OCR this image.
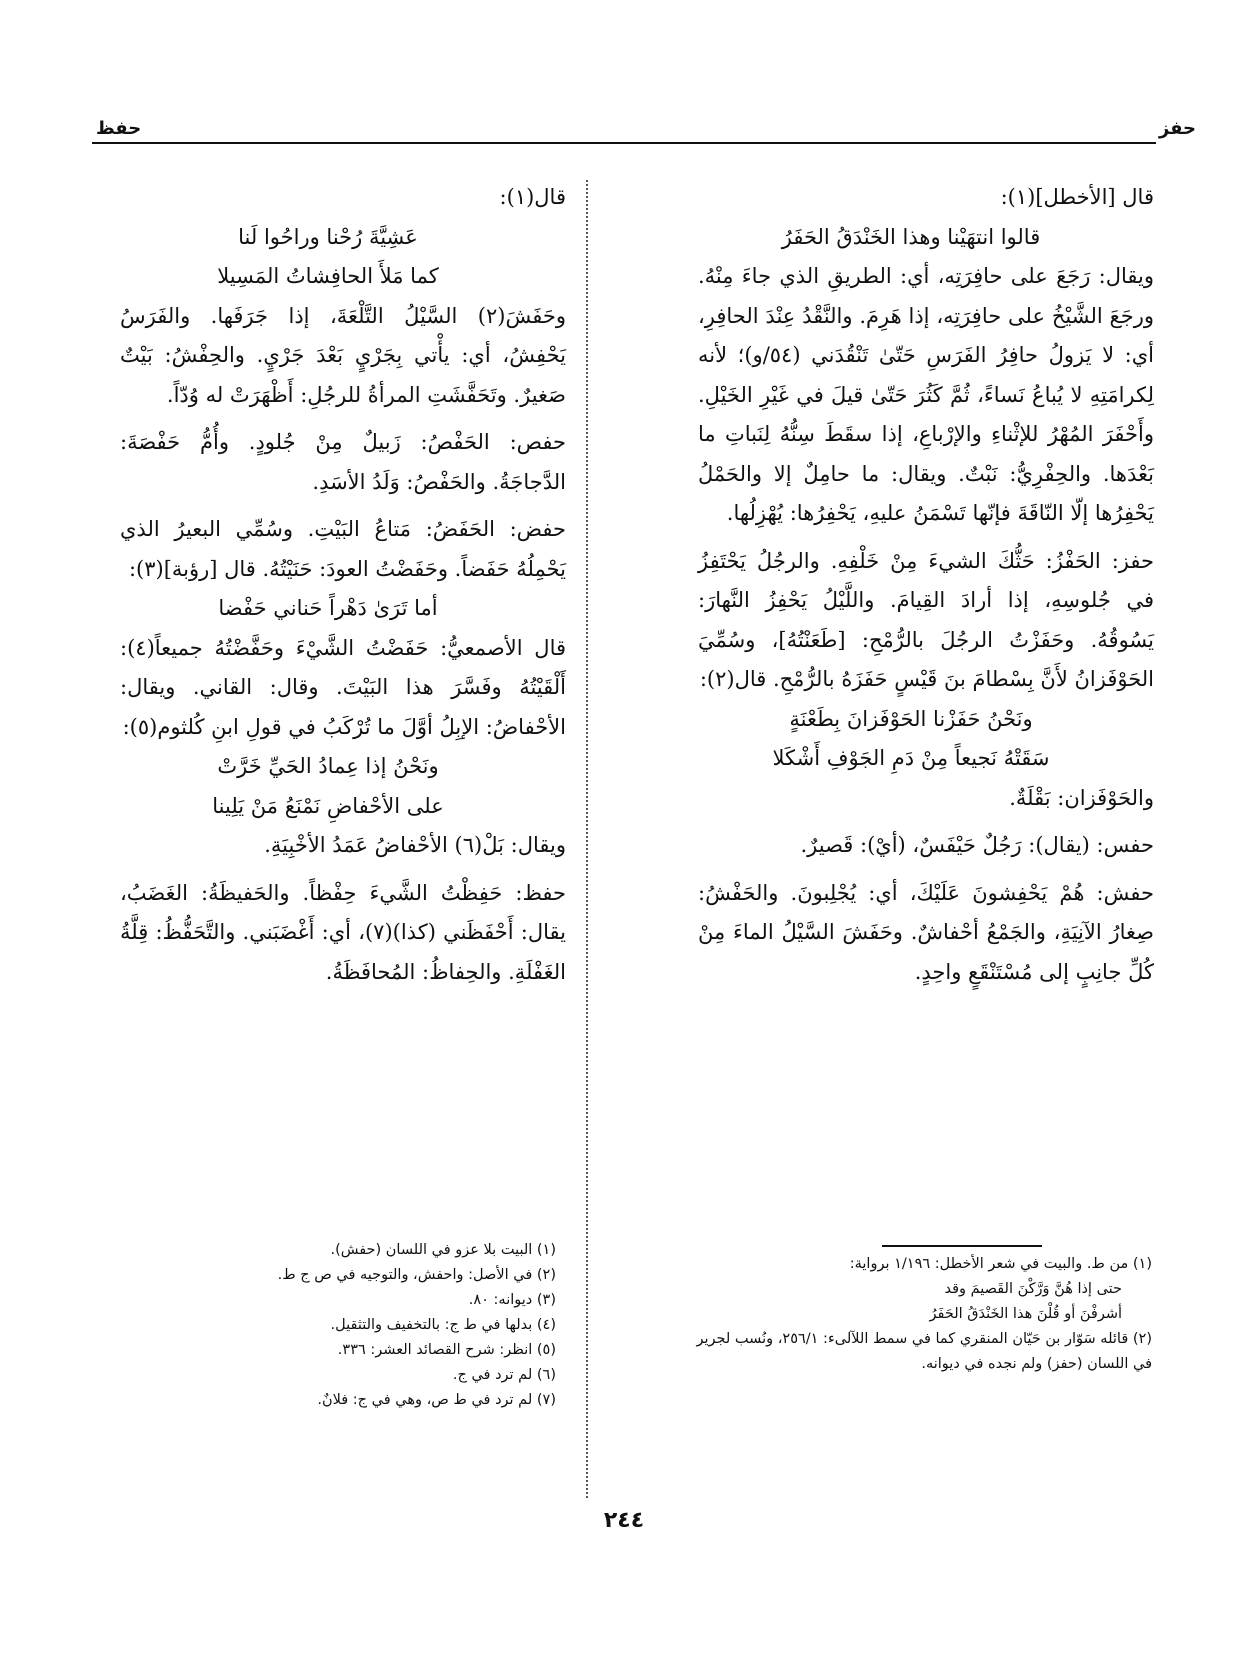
حفز
حفظ

قال [الأخطل](١):

قالوا انتهَيْنا وهذا الخَنْدَقُ الحَفَرُ

ويقال: رَجَعَ على حافِرَتِه، أي: الطريقِ الذي جاءَ مِنْهُ. ورجَعَ الشَّيْخُ على حافِرَتِه، إذا هَرِمَ. والنَّقْدُ عِنْدَ الحافِرِ، أي: لا يَزولُ حافِرُ الفَرَسِ حَتّىٰ تَنْقُدَني (٥٤/و)؛ لأنه لِكرامَتِهِ لا يُباعُ نَساءً، ثُمَّ كَثُرَ حَتّىٰ قيلَ في غَيْرِ الخَيْلِ. وأَحْفَرَ المُهْرُ للإثْناءِ والإرْباعِ، إذا سقَطَ سِنُّهُ لِنَباتِ ما بَعْدَها. والحِفْرِيُّ: نَبْتٌ. ويقال: ما حامِلٌ إلا والحَمْلُ يَحْفِرُها إلّا النّاقَةَ فإنّها تَسْمَنُ عليهِ، يَحْفِرُها: يُهْزِلُها.

حفز: الحَفْزُ: حَثُّكَ الشيءَ مِنْ خَلْفِهِ. والرجُلُ يَحْتَفِزُ في جُلوسِهِ، إذا أرادَ القِيامَ. واللَّيْلُ يَحْفِزُ النَّهارَ: يَسُوقُهُ. وحَفَزْتُ الرجُلَ بالرُّمْحِ: [طَعَنْتُهُ]، وسُمِّيَ الحَوْفَزانُ لأَنَّ بِسْطامَ بنَ قَيْسٍ حَفَزَهُ بالرُّمْحِ. قال(٢):

ونَحْنُ حَفَزْنا الحَوْفَزانَ بِطَعْنَةٍ

سَقَتْهُ نَجيعاً مِنْ دَمِ الجَوْفِ أَشْكَلا

والحَوْفَزان: بَقْلَةٌ.

حفس: (يقال): رَجُلٌ حَيْفَسٌ، (أيْ): قَصيرٌ.

حفش: هُمْ يَحْفِشونَ عَلَيْكَ، أي: يُجْلِبونَ. والحَفْشُ: صِغارُ الآنِيَةِ، والجَمْعُ أحْفاشٌ. وحَفَشَ السَّيْلُ الماءَ مِنْ كُلِّ جانِبٍ إلى مُسْتَنْقَعٍ واحِدٍ.

قال(١):

عَشِيَّةَ رُحْنا وراحُوا لَنا

كما مَلأَ الحافِشاتُ المَسِيلا

وحَفَشَ(٢) السَّيْلُ التَّلْعَةَ، إذا جَرَفَها. والفَرَسُ يَحْفِشُ، أي: يأْتي بِجَرْيٍ بَعْدَ جَرْيٍ. والحِفْشُ: بَيْتٌ صَغيرٌ. وتَحَفَّشَتِ المرأةُ للرجُلِ: أَظْهَرَتْ له وُدّاً.

حفص: الحَفْصُ: زَبيلٌ مِنْ جُلودٍ. وأُمُّ حَفْصَةَ: الدَّجاجَةُ. والحَفْصُ: وَلَدُ الأسَدِ.

حفض: الحَفَضُ: مَتاعُ البَيْتِ. وسُمِّي البعيرُ الذي يَحْمِلُهُ حَفَضاً. وحَفَضْتُ العودَ: حَنَيْتُهُ. قال [رؤبة](٣):

أما تَرَىٰ دَهْراً حَناني حَفْضا

قال الأصمعيُّ: حَفَضْتُ الشَّيْءَ وحَفَّضْتُهُ جميعاً(٤): أَلْقَيْتُهُ وفَسَّرَ هذا البَيْتَ. وقال: القاني. ويقال: الأحْفاضُ: الإبِلُ أوَّلَ ما تُرْكَبُ في قولِ ابنِ كُلثوم(٥):

ونَحْنُ إذا عِمادُ الحَيِّ خَرَّتْ

على الأحْفاضِ نَمْنَعُ مَنْ يَلِينا

ويقال: بَلْ(٦) الأحْفاضُ عَمَدُ الأخْبِيَةِ.

حفظ: حَفِظْتُ الشَّيءَ حِفْظاً. والحَفيظَةُ: الغَضَبُ، يقال: أَحْفَظَني (كذا)(٧)، أي: أَغْضَبَني. والتَّحَفُّظُ: قِلَّةُ الغَفْلَةِ. والحِفاظُ: المُحافَظَةُ.

(١) من ط. والبيت في شعر الأخطل: ١/١٩٦ برواية:

حتى إذا هُنَّ وَرَّكْنَ القَصيمَ وقد

أشرفْنَ أو قُلْنَ هذا الخَنْدَقُ الحَفَرُ

(٢) قائله سَوّار بن حَيّان المنقري كما في سمط اللآلىء: ٢٥٦/١، ونُسب لجرير في اللسان (حفز) ولم نجده في ديوانه.

(١) البيت بلا عزو في اللسان (حفش).

(٢) في الأصل: واحفش، والتوجيه في ص ج ط.

(٣) ديوانه: ٨٠.

(٤) بدلها في ط ج: بالتخفيف والتثقيل.

(٥) انظر: شرح القصائد العشر: ٣٣٦.

(٦) لم ترد في ج.

(٧) لم ترد في ط ص، وهي في ج: فلانٌ.

٢٤٤
